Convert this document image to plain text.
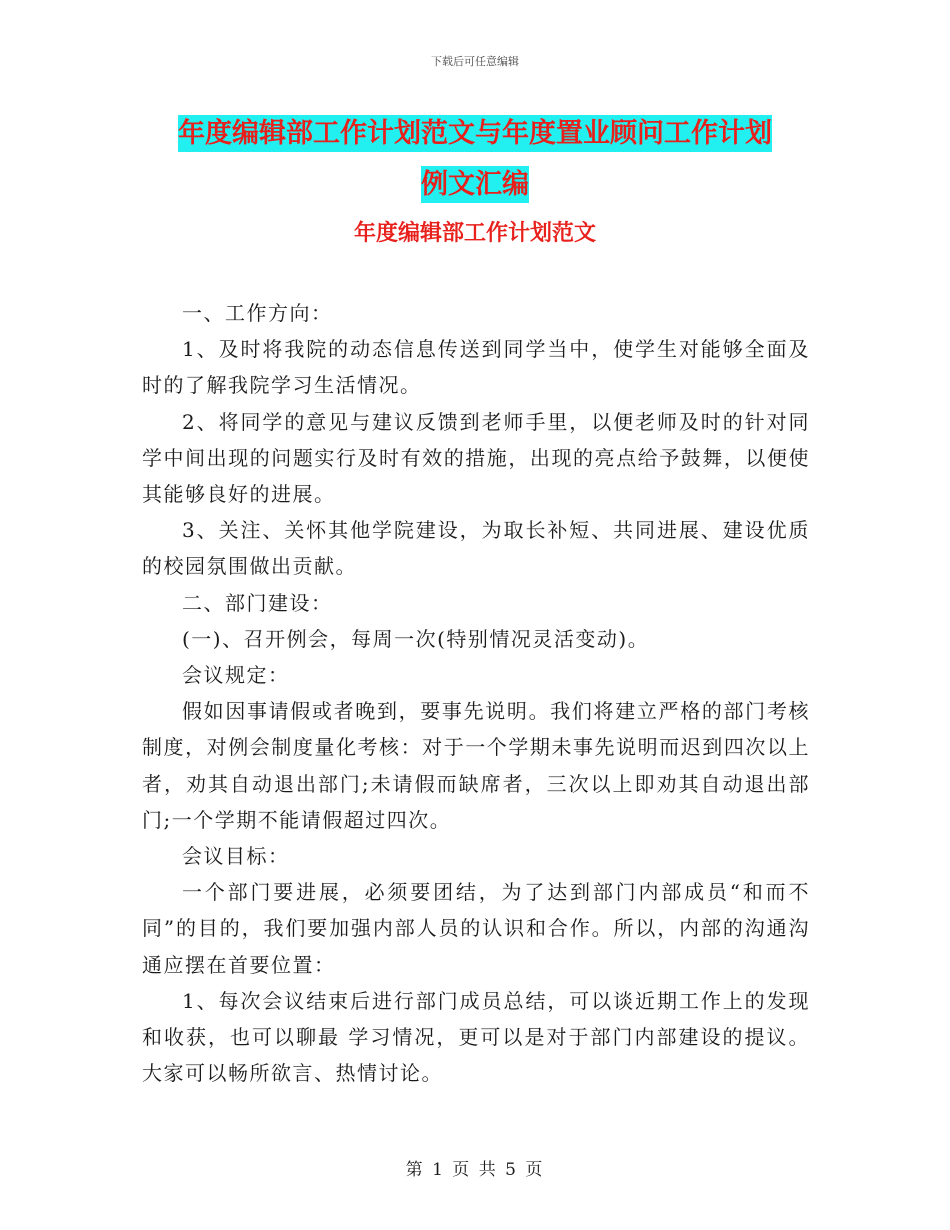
下载后可任意编辑
年度编辑部工作计划范文与年度置业顾问工作计划例文汇编
年度编辑部工作计划范文

一、工作方向：

1、及时将我院的动态信息传送到同学当中，使学生对能够全面及时的了解我院学习生活情况。

2、将同学的意见与建议反馈到老师手里，以便老师及时的针对同学中间出现的问题实行及时有效的措施，出现的亮点给予鼓舞，以便使其能够良好的进展。

3、关注、关怀其他学院建设，为取长补短、共同进展、建设优质的校园氛围做出贡献。

二、部门建设：

(一)、召开例会，每周一次(特别情况灵活变动)。

会议规定：

假如因事请假或者晚到，要事先说明。我们将建立严格的部门考核制度，对例会制度量化考核：对于一个学期未事先说明而迟到四次以上者，劝其自动退出部门;未请假而缺席者，三次以上即劝其自动退出部门;一个学期不能请假超过四次。

会议目标：

一个部门要进展，必须要团结，为了达到部门内部成员“和而不同”的目的，我们要加强内部人员的认识和合作。所以，内部的沟通沟通应摆在首要位置：

1、每次会议结束后进行部门成员总结，可以谈近期工作上的发现和收获，也可以聊最 学习情况，更可以是对于部门内部建设的提议。大家可以畅所欲言、热情讨论。

第 1 页 共 5 页
